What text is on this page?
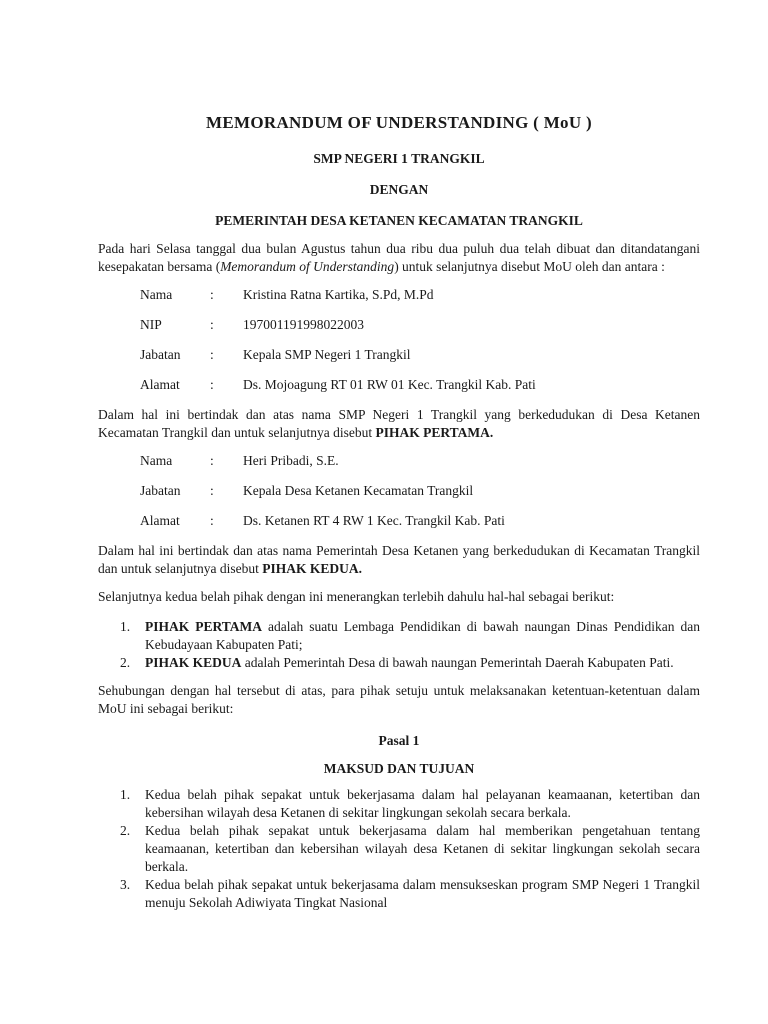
MEMORANDUM OF UNDERSTANDING ( MoU )
SMP NEGERI 1 TRANGKIL
DENGAN
PEMERINTAH DESA KETANEN KECAMATAN TRANGKIL

Pada hari Selasa tanggal dua bulan Agustus tahun dua ribu dua puluh dua telah dibuat dan ditandatangani kesepakatan bersama (Memorandum of Understanding) untuk selanjutnya disebut MoU oleh dan antara :

Nama	:	Kristina Ratna Kartika, S.Pd, M.Pd
NIP	:	197001191998022003
Jabatan	:	Kepala SMP Negeri 1 Trangkil
Alamat	:	Ds. Mojoagung RT 01 RW 01 Kec. Trangkil Kab. Pati

Dalam hal ini bertindak dan atas nama SMP Negeri 1 Trangkil yang berkedudukan di Desa Ketanen Kecamatan Trangkil dan untuk selanjutnya disebut PIHAK PERTAMA.

Nama	:	Heri Pribadi, S.E.
Jabatan	:	Kepala Desa Ketanen Kecamatan Trangkil
Alamat	:	Ds. Ketanen RT 4 RW 1 Kec. Trangkil Kab. Pati

Dalam hal ini bertindak dan atas nama Pemerintah Desa Ketanen yang berkedudukan di Kecamatan Trangkil dan untuk selanjutnya disebut PIHAK KEDUA.

Selanjutnya kedua belah pihak dengan ini menerangkan terlebih dahulu hal-hal sebagai berikut:

1.	PIHAK PERTAMA adalah suatu Lembaga Pendidikan di bawah naungan Dinas Pendidikan dan Kebudayaan Kabupaten Pati;
2.	PIHAK KEDUA adalah Pemerintah Desa di bawah naungan Pemerintah Daerah Kabupaten Pati.

Sehubungan dengan hal tersebut di atas, para pihak setuju untuk melaksanakan ketentuan-ketentuan dalam MoU ini sebagai berikut:

Pasal 1
MAKSUD DAN TUJUAN
1.	Kedua belah pihak sepakat untuk bekerjasama dalam hal pelayanan keamaanan, ketertiban dan kebersihan wilayah desa Ketanen di sekitar lingkungan sekolah secara berkala.
2.	Kedua belah pihak sepakat untuk bekerjasama dalam hal memberikan pengetahuan tentang keamaanan, ketertiban dan kebersihan wilayah desa Ketanen di sekitar lingkungan sekolah secara berkala.
3.	Kedua belah pihak sepakat untuk bekerjasama dalam mensukseskan program SMP Negeri 1 Trangkil menuju Sekolah Adiwiyata Tingkat Nasional
